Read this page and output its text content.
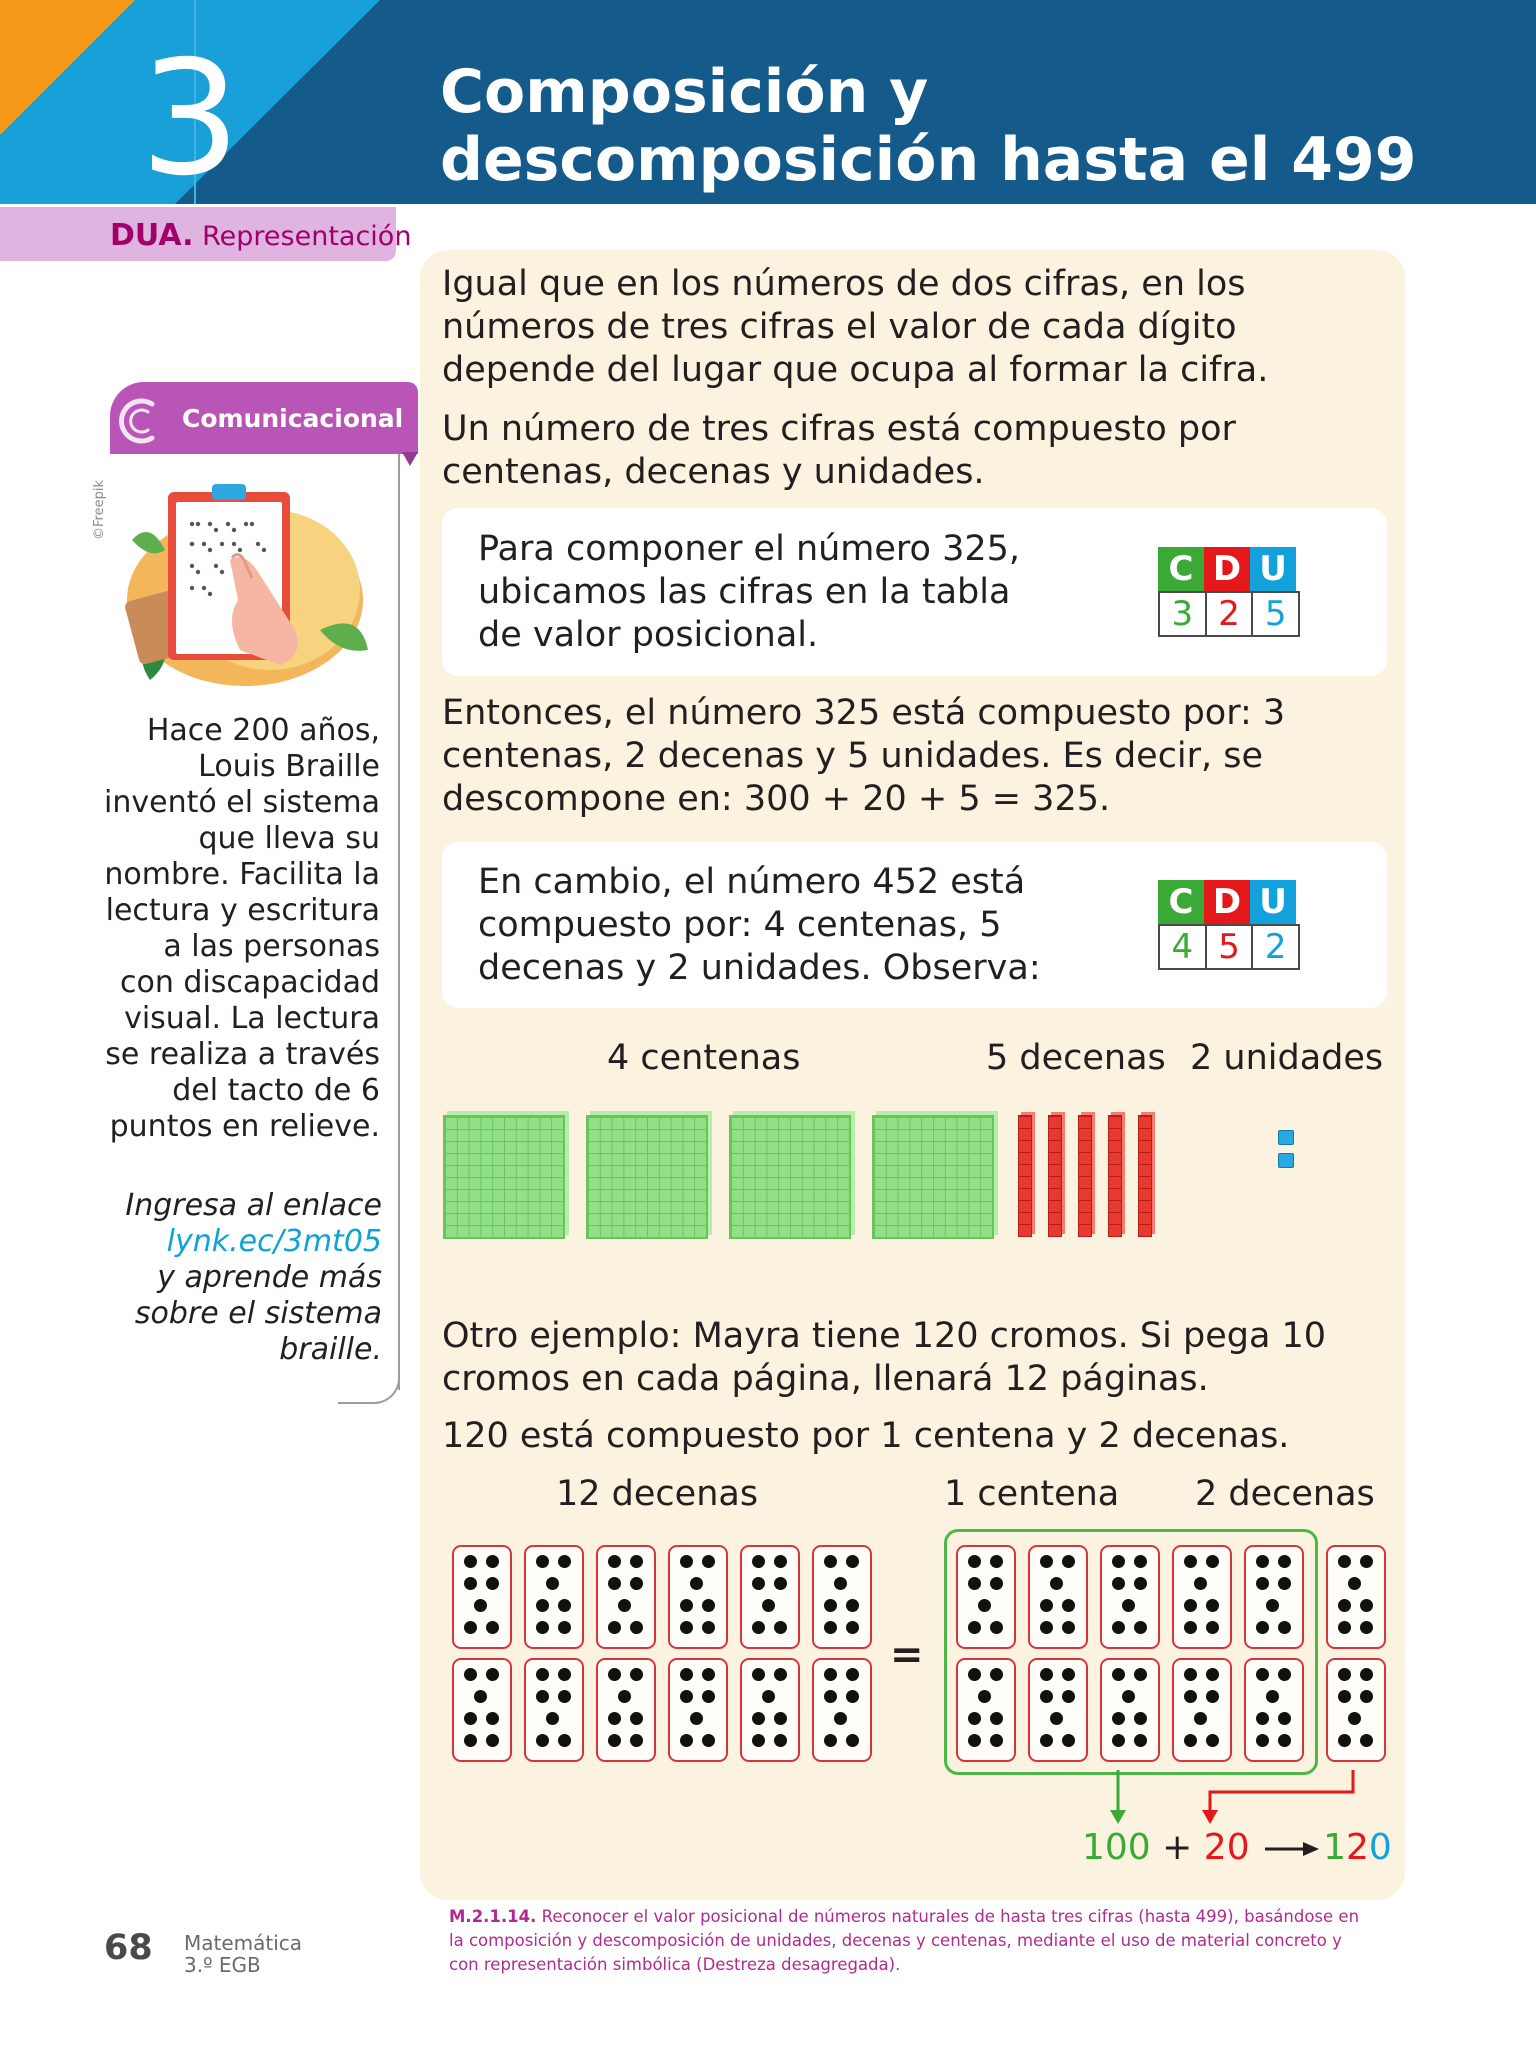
3	Composición y
descomposición hasta el 499
DUA. Representación
Comunicacional
©Freepik
Hace 200 años, Louis Braille inventó el sistema que lleva su nombre. Facilita la lectura y escritura a las personas con discapacidad visual. La lectura se realiza a través del tacto de 6 puntos en relieve.
Ingresa al enlace
lynk.ec/3mt05
y aprende más sobre el sistema braille.
Igual que en los números de dos cifras, en los números de tres cifras el valor de cada dígito depende del lugar que ocupa al formar la cifra.
Un número de tres cifras está compuesto por centenas, decenas y unidades.
Para componer el número 325, ubicamos las cifras en la tabla de valor posicional.
C D U
3 2 5
Entonces, el número 325 está compuesto por: 3 centenas, 2 decenas y 5 unidades. Es decir, se descompone en: 300 + 20 + 5 = 325.
En cambio, el número 452 está compuesto por: 4 centenas, 5 decenas y 2 unidades. Observa:
C D U
4 5 2
4 centenas	5 decenas 2 unidades
Otro ejemplo: Mayra tiene 120 cromos. Si pega 10 cromos en cada página, llenará 12 páginas.
120 está compuesto por 1 centena y 2 decenas.
12 decenas	1 centena 2 decenas
=
100 + 20 120
68 Matemática
3.º EGB
M.2.1.14. Reconocer el valor posicional de números naturales de hasta tres cifras (hasta 499), basándose en la composición y descomposición de unidades, decenas y centenas, mediante el uso de material concreto y con representación simbólica (Destreza desagregada).
